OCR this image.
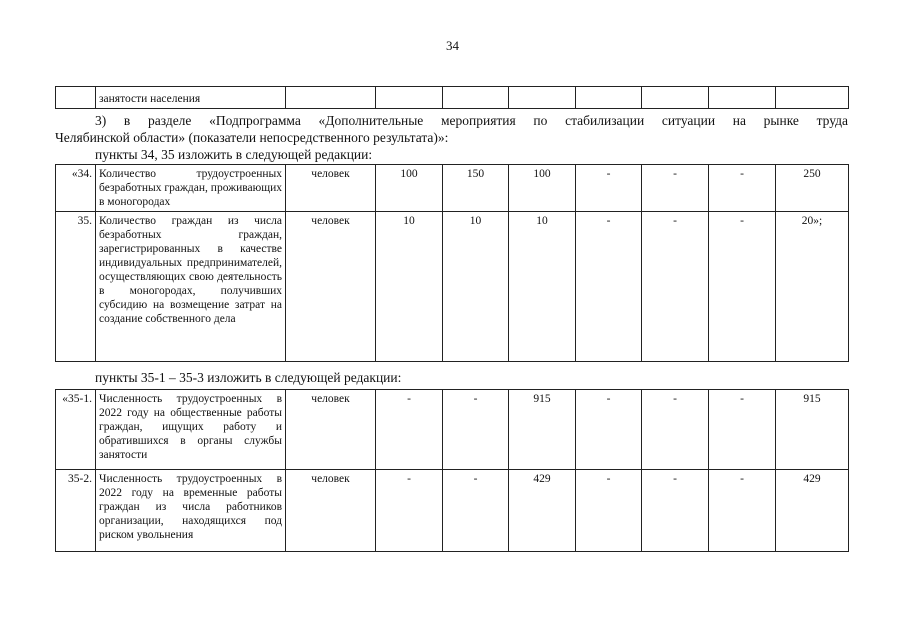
34
	занятости населения								
3) в разделе «Подпрограмма «Дополнительные мероприятия по стабилизации ситуации на рынке труда
Челябинской области» (показатели непосредственного результата)»:
пункты 34, 35 изложить в следующей редакции:
«34.	Количество трудоустроенных безработных граждан, проживающих в моногородах	человек	100	150	100	-	-	-	250
35.	Количество граждан из числа безработных граждан, зарегистрированных в качестве индивидуальных предпринимателей, осуществляющих свою деятельность в моногородах, получивших субсидию на возмещение затрат на создание собственного дела	человек	10	10	10	-	-	-	20»;
пункты 35-1 – 35-3 изложить в следующей редакции:
«35-1.	Численность трудоустроенных в 2022 году на общественные работы граждан, ищущих работу и обратившихся в органы службы занятости	человек	-	-	915	-	-	-	915
35-2.	Численность трудоустроенных в 2022 году на временные работы граждан из числа работников организации, находящихся под риском увольнения	человек	-	-	429	-	-	-	429
